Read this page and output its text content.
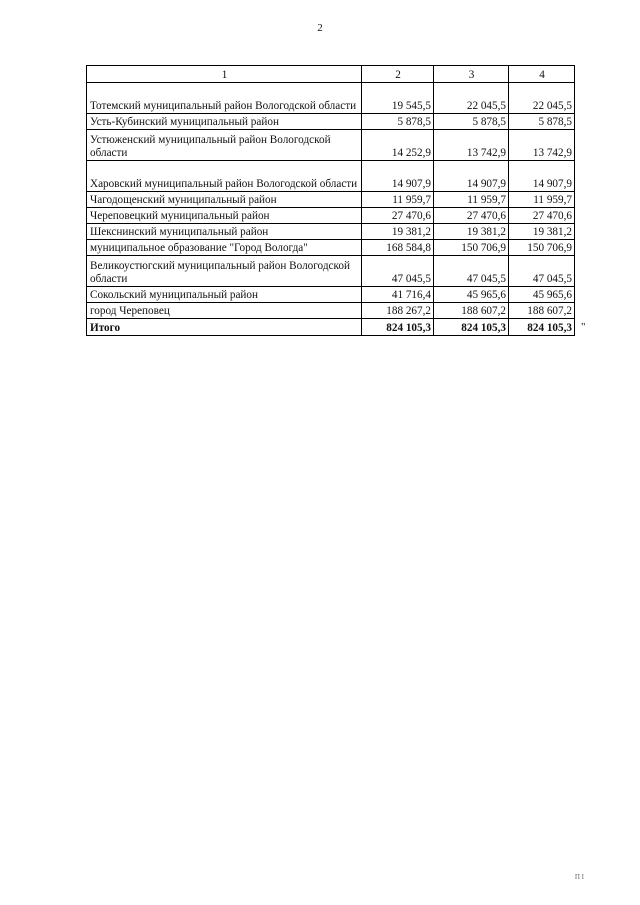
2
1	2	3	4
Тотемский муниципальный район Вологодской области	19 545,5	22 045,5	22 045,5
Усть-Кубинский муниципальный район	5 878,5	5 878,5	5 878,5
Устюженский муниципальный район Вологодской области	14 252,9	13 742,9	13 742,9
Харовский муниципальный район Вологодской области	14 907,9	14 907,9	14 907,9
Чагодощенский муниципальный район	11 959,7	11 959,7	11 959,7
Череповецкий муниципальный район	27 470,6	27 470,6	27 470,6
Шекснинский муниципальный район	19 381,2	19 381,2	19 381,2
муниципальное образование "Город Вологда"	168 584,8	150 706,9	150 706,9
Великоустюгский муниципальный район Вологодской области	47 045,5	47 045,5	47 045,5
Сокольский муниципальный район	41 716,4	45 965,6	45 965,6
город Череповец	188 267,2	188 607,2	188 607,2
Итого	824 105,3	824 105,3	824 105,3 "
П I
